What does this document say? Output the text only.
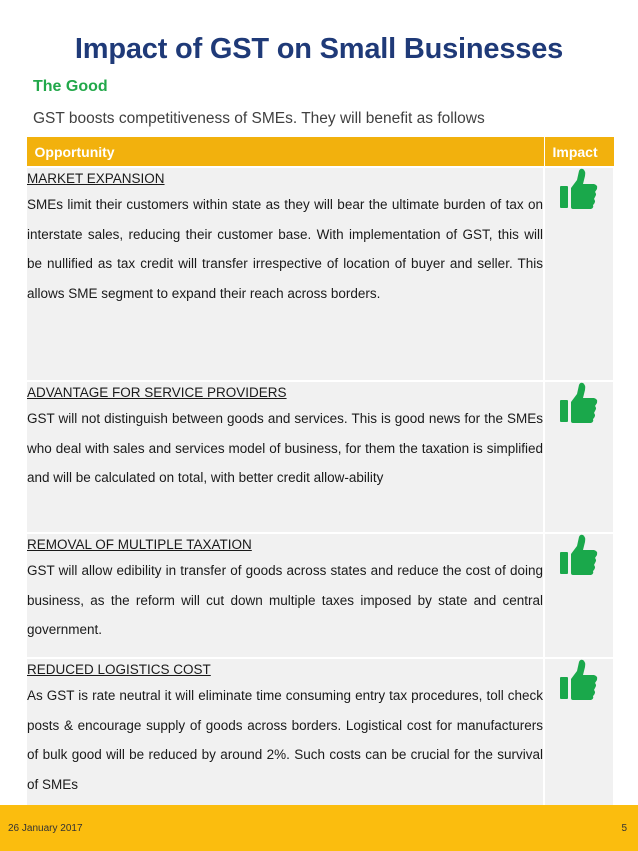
Impact of GST on Small Businesses
The Good
GST boosts competitiveness of SMEs. They will benefit as follows
Opportunity	Impact
MARKET EXPANSION
SMEs limit their customers within state as they will bear the ultimate burden of tax on interstate sales, reducing their customer base. With implementation of GST, this will be nullified as tax credit will transfer irrespective of location of buyer and seller. This allows SME segment to expand their reach across borders.

ADVANTAGE FOR SERVICE PROVIDERS
GST will not distinguish between goods and services. This is good news for the SMEs who deal with sales and services model of business, for them the taxation is simplified and will be calculated on total, with better credit allow-ability

REMOVAL OF MULTIPLE TAXATION
GST will allow edibility in transfer of goods across states and reduce the cost of doing business, as the reform will cut down multiple taxes imposed by state and central government.

REDUCED LOGISTICS COST
As GST is rate neutral it will eliminate time consuming entry tax procedures, toll check posts & encourage supply of goods across borders. Logistical cost for manufacturers of bulk good will be reduced by around 2%. Such costs can be crucial for the survival of SMEs

26 January 2017	5
